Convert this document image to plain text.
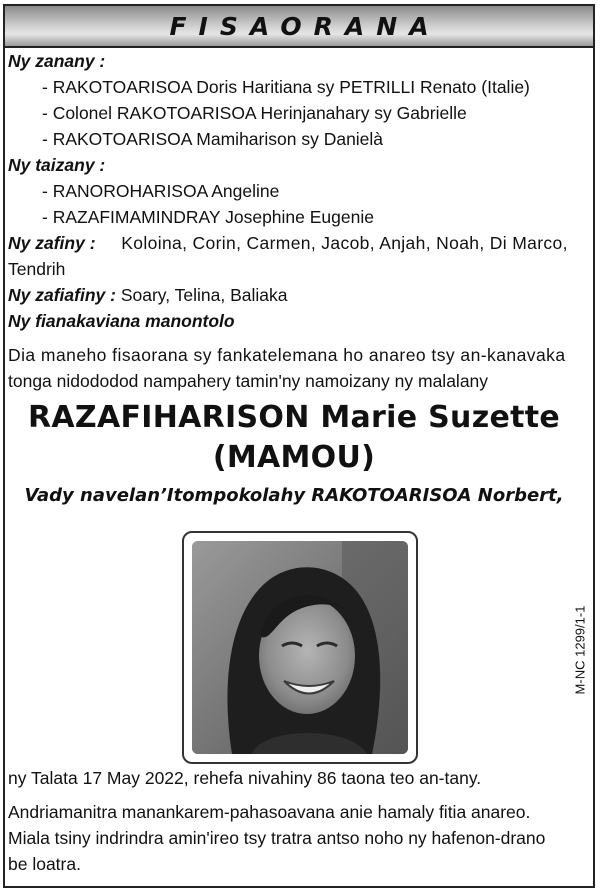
FISAORANA
Ny zanany :
- RAKOTOARISOA Doris Haritiana sy PETRILLI Renato (Italie)
- Colonel RAKOTOARISOA Herinjanahary sy Gabrielle
- RAKOTOARISOA Mamiharison sy Danielà
Ny taizany :
- RANOROHARISOA Angeline
- RAZAFIMAMINDRAY Josephine Eugenie
Ny zafiny : Koloina, Corin, Carmen, Jacob, Anjah, Noah, Di Marco,
Tendrih
Ny zafiafiny : Soary, Telina, Baliaka
Ny fianakaviana manontolo
Dia maneho fisaorana sy fankatelemana ho anareo tsy an-kanavaka
tonga nidododod nampahery tamin'ny namoizany ny malalany
RAZAFIHARISON Marie Suzette
(MAMOU)
Vady navelan’Itompokolahy RAKOTOARISOA Norbert,
M-NC 1299/1-1
ny Talata 17 May 2022, rehefa nivahiny 86 taona teo an-tany.
Andriamanitra manankarem-pahasoavana anie hamaly fitia anareo.
Miala tsiny indrindra amin'ireo tsy tratra antso noho ny hafenon-drano
be loatra.
